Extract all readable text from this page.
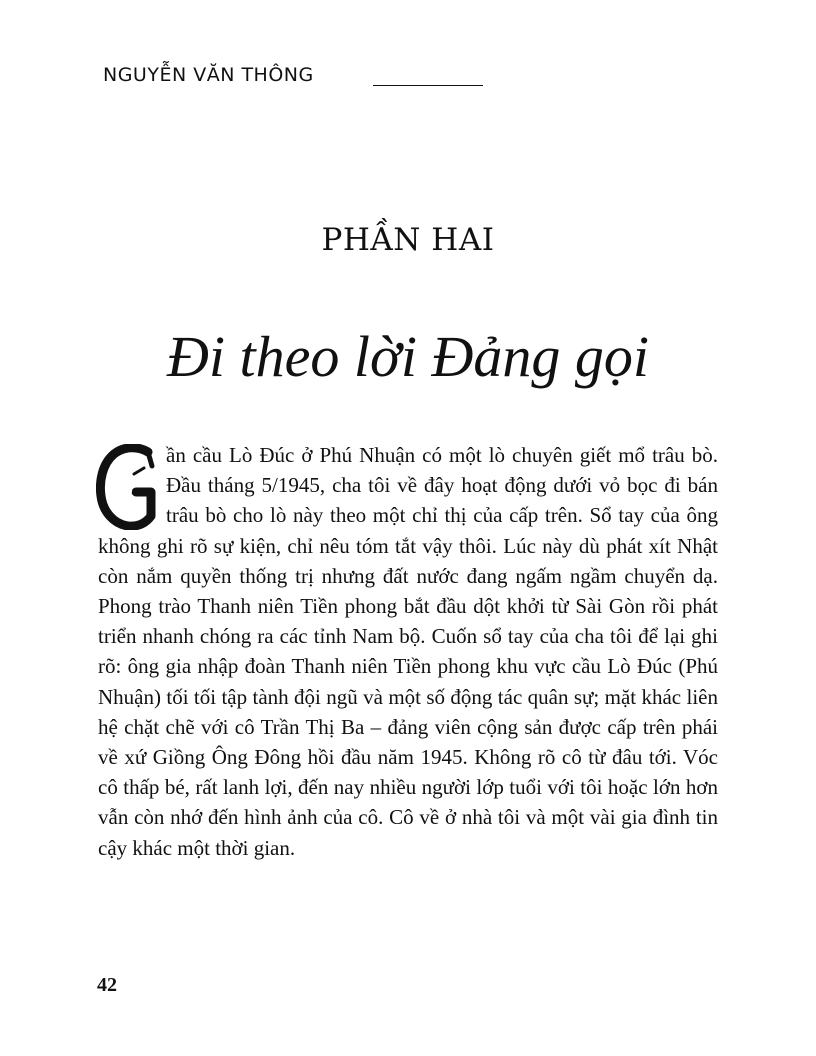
NGUYỄN VĂN THÔNG
PHẦN HAI
Đi theo lời Đảng gọi
ần cầu Lò Đúc ở Phú Nhuận có một lò chuyên giết mổ trâu bò. Đầu tháng 5/1945, cha tôi về đây hoạt động dưới vỏ bọc đi bán trâu bò cho lò này theo một chỉ thị của cấp trên. Sổ tay của ông không ghi rõ sự kiện, chỉ nêu tóm tắt vậy thôi. Lúc này dù phát xít Nhật còn nắm quyền thống trị nhưng đất nước đang ngấm ngầm chuyển dạ. Phong trào Thanh niên Tiền phong bắt đầu dột khởi từ Sài Gòn rồi phát triển nhanh chóng ra các tỉnh Nam bộ. Cuốn sổ tay của cha tôi để lại ghi rõ: ông gia nhập đoàn Thanh niên Tiền phong khu vực cầu Lò Đúc (Phú Nhuận) tối tối tập tành đội ngũ và một số động tác quân sự; mặt khác liên hệ chặt chẽ với cô Trần Thị Ba – đảng viên cộng sản được cấp trên phái về xứ Giồng Ông Đông hồi đầu năm 1945. Không rõ cô từ đâu tới. Vóc cô thấp bé, rất lanh lợi, đến nay nhiều người lớp tuổi với tôi hoặc lớn hơn vẫn còn nhớ đến hình ảnh của cô. Cô về ở nhà tôi và một vài gia đình tin cậy khác một thời gian.
42
